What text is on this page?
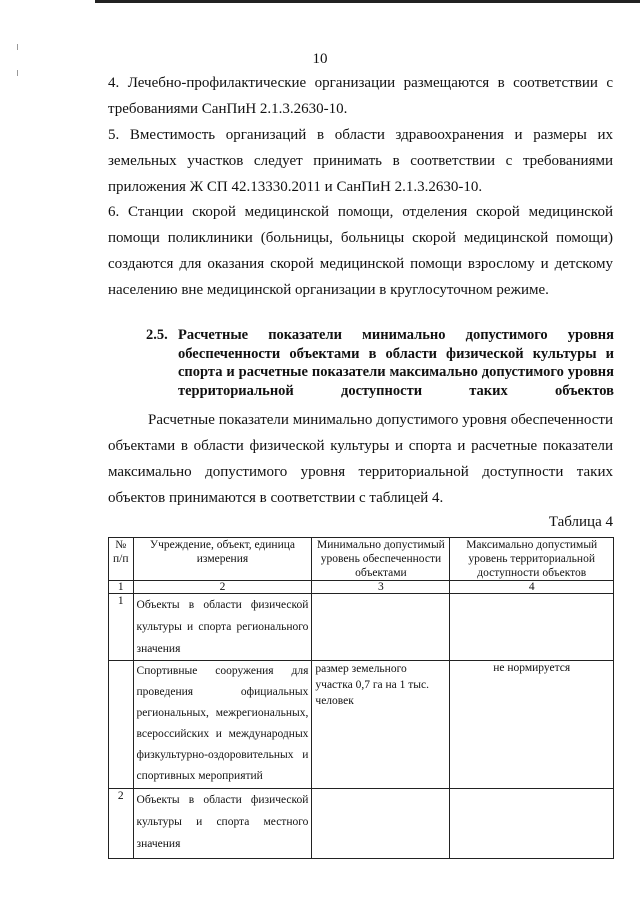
10

4. Лечебно-профилактические организации размещаются в соответствии с требованиями СанПиН 2.1.3.2630-10.

5. Вместимость организаций в области здравоохранения и размеры их земельных участков следует принимать в соответствии с требованиями приложения Ж СП 42.13330.2011 и СанПиН 2.1.3.2630-10.

6. Станции скорой медицинской помощи, отделения скорой медицинской помощи поликлиники (больницы, больницы скорой медицинской помощи) создаются для оказания скорой медицинской помощи взрослому и детскому населению вне медицинской организации в круглосуточном режиме.

2.5. Расчетные показатели минимально допустимого уровня обеспеченности объектами в области физической культуры и спорта и расчетные показатели максимально допустимого уровня территориальной доступности таких объектов

Расчетные показатели минимально допустимого уровня обеспеченности объектами в области физической культуры и спорта и расчетные показатели максимально допустимого уровня территориальной доступности таких объектов принимаются в соответствии с таблицей 4.

Таблица 4
№ п/п	Учреждение, объект, единица измерения	Минимально допустимый уровень обеспеченности объектами	Максимально допустимый уровень территориальной доступности объектов
1	2	3	4
1	Объекты в области физической культуры и спорта регионального значения		
	Спортивные сооружения для проведения официальных региональных, межрегиональных, всероссийских и международных физкультурно-оздоровительных и спортивных мероприятий	размер земельного участка 0,7 га на 1 тыс. человек	не нормируется
2	Объекты в области физической культуры и спорта местного значения		
